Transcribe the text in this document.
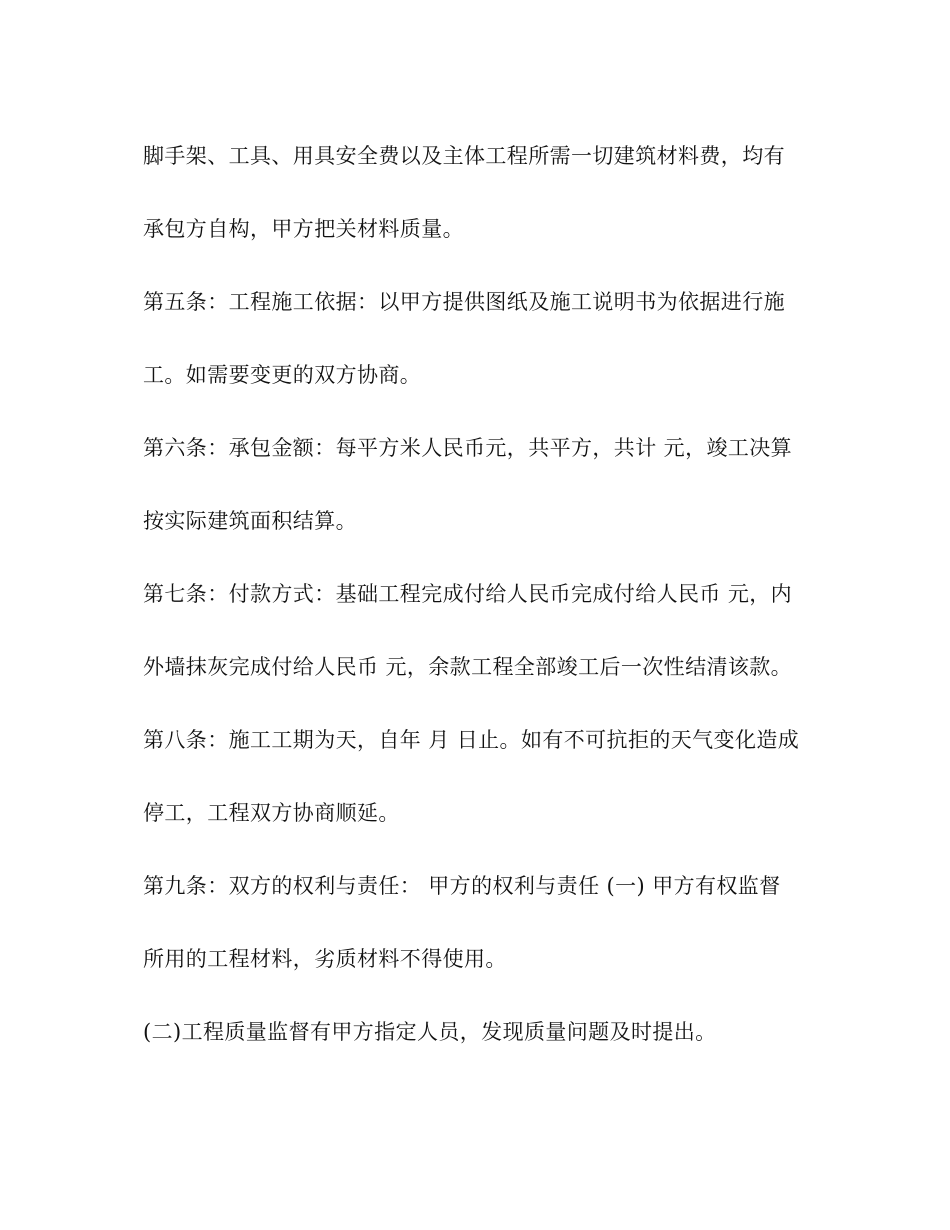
脚手架、工具、用具安全费以及主体工程所需一切建筑材料费，均有
承包方自构，甲方把关材料质量。
第五条：工程施工依据：以甲方提供图纸及施工说明书为依据进行施
工。如需要变更的双方协商。
第六条：承包金额：每平方米人民币元，共平方，共计 元，竣工决算
按实际建筑面积结算。
第七条：付款方式：基础工程完成付给人民币完成付给人民币 元，内
外墙抹灰完成付给人民币 元，余款工程全部竣工后一次性结清该款。
第八条：施工工期为天，自年 月 日止。如有不可抗拒的天气变化造成
停工，工程双方协商顺延。
第九条：双方的权利与责任： 甲方的权利与责任 (一) 甲方有权监督
所用的工程材料，劣质材料不得使用。
(二)工程质量监督有甲方指定人员，发现质量问题及时提出。
